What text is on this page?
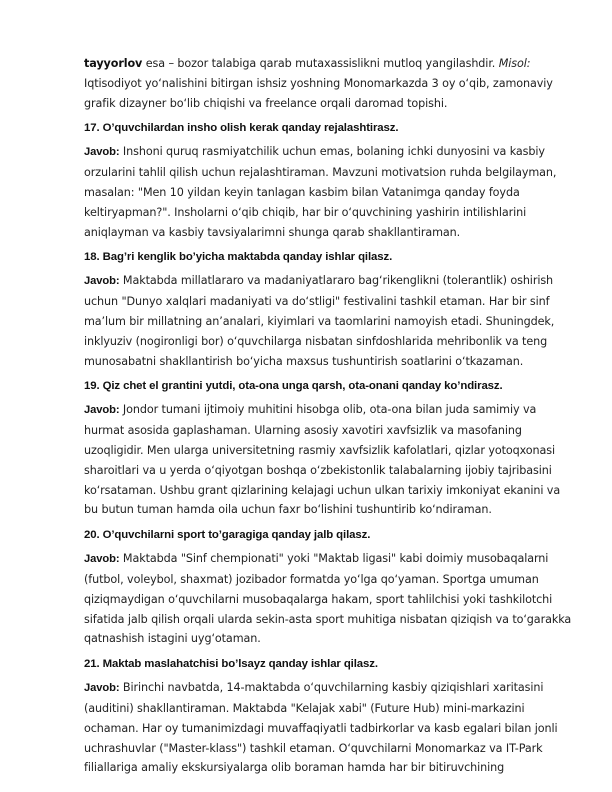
tayyorlov esa – bozor talabiga qarab mutaxassislikni mutloq yangilashdir. Misol: Iqtisodiyot yo‘nalishini bitirgan ishsiz yoshning Monomarkazda 3 oy o‘qib, zamonaviy grafik dizayner bo‘lib chiqishi va freelance orqali daromad topishi.

17. O’quvchilardan insho olish kerak qanday rejalashtirasz.

Javob: Inshoni quruq rasmiyatchilik uchun emas, bolaning ichki dunyosini va kasbiy orzularini tahlil qilish uchun rejalashtiraman. Mavzuni motivatsion ruhda belgilayman, masalan: "Men 10 yildan keyin tanlagan kasbim bilan Vatanimga qanday foyda keltiryapman?". Insholarni o‘qib chiqib, har bir o‘quvchining yashirin intilishlarini aniqlayman va kasbiy tavsiyalarimni shunga qarab shakllantiraman.

18. Bag’ri kenglik bo’yicha maktabda qanday ishlar qilasz.

Javob: Maktabda millatlararo va madaniyatlararo bag‘rikenglikni (tolerantlik) oshirish uchun "Dunyo xalqlari madaniyati va do‘stligi" festivalini tashkil etaman. Har bir sinf ma’lum bir millatning an’analari, kiyimlari va taomlarini namoyish etadi. Shuningdek, inklyuziv (nogironligi bor) o‘quvchilarga nisbatan sinfdoshlarida mehribonlik va teng munosabatni shakllantirish bo‘yicha maxsus tushuntirish soatlarini o‘tkazaman.

19. Qiz chet el grantini yutdi, ota-ona unga qarsh, ota-onani qanday ko’ndirasz.

Javob: Jondor tumani ijtimoiy muhitini hisobga olib, ota-ona bilan juda samimiy va hurmat asosida gaplashaman. Ularning asosiy xavotiri xavfsizlik va masofaning uzoqligidir. Men ularga universitetning rasmiy xavfsizlik kafolatlari, qizlar yotoqxonasi sharoitlari va u yerda o‘qiyotgan boshqa o‘zbekistonlik talabalarning ijobiy tajribasini ko‘rsataman. Ushbu grant qizlarining kelajagi uchun ulkan tarixiy imkoniyat ekanini va bu butun tuman hamda oila uchun faxr bo‘lishini tushuntirib ko‘ndiraman.

20. O’quvchilarni sport to’garagiga qanday jalb qilasz.

Javob: Maktabda "Sinf chempionati" yoki "Maktab ligasi" kabi doimiy musobaqalarni (futbol, voleybol, shaxmat) jozibador formatda yo‘lga qo‘yaman. Sportga umuman qiziqmaydigan o‘quvchilarni musobaqalarga hakam, sport tahlilchisi yoki tashkilotchi sifatida jalb qilish orqali ularda sekin-asta sport muhitiga nisbatan qiziqish va to‘garakka qatnashish istagini uyg‘otaman.

21. Maktab maslahatchisi bo’lsayz qanday ishlar qilasz.

Javob: Birinchi navbatda, 14-maktabda o‘quvchilarning kasbiy qiziqishlari xaritasini (auditini) shakllantiraman. Maktabda "Kelajak xabi" (Future Hub) mini-markazini ochaman. Har oy tumanimizdagi muvaffaqiyatli tadbirkorlar va kasb egalari bilan jonli uchrashuvlar ("Master-klass") tashkil etaman. O‘quvchilarni Monomarkaz va IT-Park filiallariga amaliy ekskursiyalarga olib boraman hamda har bir bitiruvchining
